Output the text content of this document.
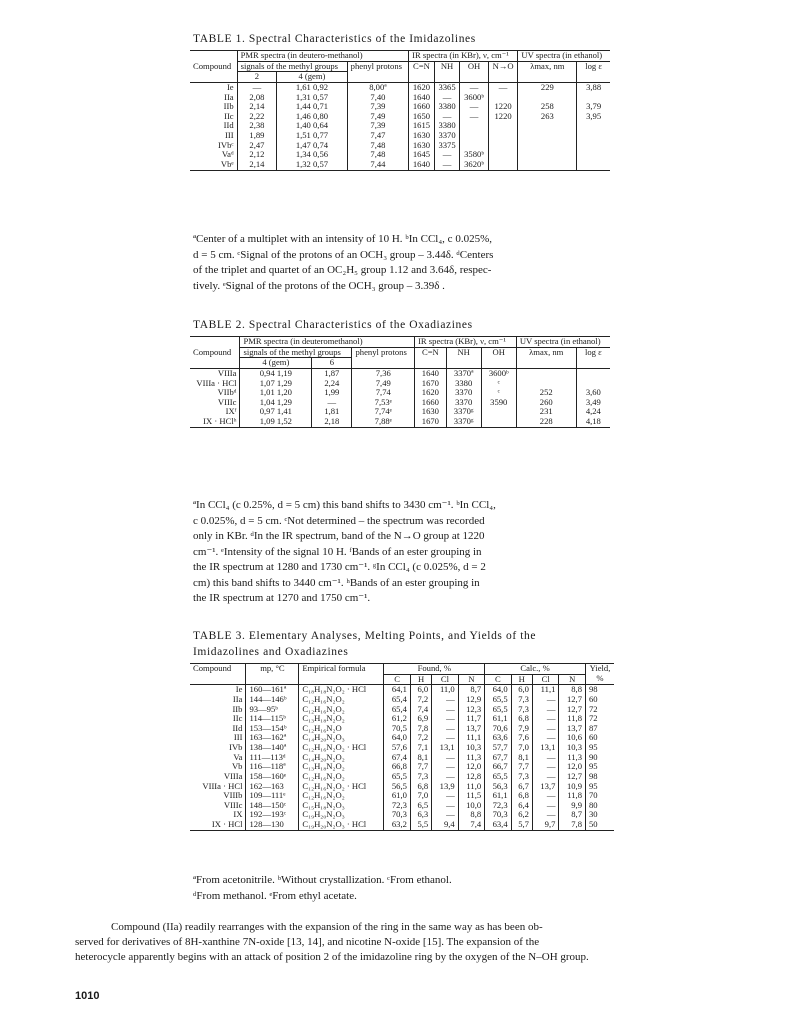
TABLE 1. Spectral Characteristics of the Imidazolines
Compound	PMR spectra (in deutero-methanol)			IR spectra (in KBr), ν, cm⁻¹				UV spectra (in ethanol)	
	signals of the methyl groups		phenyl protons	C=N	NH	OH	N→O	λmax, nm	log ε
	2	4 (gem)							
Ie	—	1,61 0,92	8,00ª	1620	3365	—	—	229	3,88
IIa	2,08	1,31 0,57	7,40	1640	—	3600ᵇ			
IIb	2,14	1,44 0,71	7,39	1660	3380	—	1220	258	3,79
IIc	2,22	1,46 0,80	7,49	1650	—	—	1220	263	3,95
IId	2,38	1,40 0,64	7,39	1615	3380				
III	1,89	1,51 0,77	7,47	1630	3370				
IVbᶜ	2,47	1,47 0,74	7,48	1630	3375				
Vaᵈ	2,12	1,34 0,56	7,48	1645	—	3580ᵇ			
Vbᵉ	2,14	1,32 0,57	7,44	1640	—	3620ᵇ			
ªCenter of a multiplet with an intensity of 10 H. ᵇIn CCl₄, c 0.025%,
d = 5 cm. ᶜSignal of the protons of an OCH₃ group – 3.44δ. ᵈCenters
of the triplet and quartet of an OC₂H₅ group 1.12 and 3.64δ, respec-
tively. ᵉSignal of the protons of the OCH₃ group – 3.39δ .
TABLE 2. Spectral Characteristics of the Oxadiazines
Compound	PMR spectra (in deuteromethanol)			IR spectra (KBr), ν, cm⁻¹			UV spectra (in ethanol)	
	signals of the methyl groups		phenyl protons	C=N	NH	OH	λmax, nm	log ε
	4 (gem)	6						
VIIIa	0,94 1,19	1,87	7,36	1640	3370ª	3600ᵇ		
VIIIa · HCl	1,07 1,29	2,24	7,49	1670	3380	ᶜ		
VIIbᵈ	1,01 1,20	1,99	7,74	1620	3370	ᶜ	252	3,60
VIIIc	1,04 1,29	—	7,53ᵉ	1660	3370	3590	260	3,49
IXᶠ	0,97 1,41	1,81	7,74ᵉ	1630	3370ᵍ		231	4,24
IX · HClʰ	1,09 1,52	2,18	7,88ᵉ	1670	3370ᵍ		228	4,18
ªIn CCl₄ (c 0.25%, d = 5 cm) this band shifts to 3430 cm⁻¹. ᵇIn CCl₄,
c 0.025%, d = 5 cm. ᶜNot determined – the spectrum was recorded
only in KBr. ᵈIn the IR spectrum, band of the N→O group at 1220
cm⁻¹. ᵉIntensity of the signal 10 H. ᶠBands of an ester grouping in
the IR spectrum at 1280 and 1730 cm⁻¹. ᵍIn CCl₄ (c 0.025%, d = 2
cm) this band shifts to 3440 cm⁻¹. ʰBands of an ester grouping in
the IR spectrum at 1270 and 1750 cm⁻¹.
TABLE 3. Elementary Analyses, Melting Points, and Yields of the
Imidazolines and Oxadiazines
Compound	mp, °C	Empirical formula	Found, %				Calc., %				Yield, %
			C	H	Cl	N	C	H	Cl	N	
Ie	160—161ª	C₁₈H₁₈N₂O₂ · HCl	64,1	6,0	11,0	8,7	64,0	6,0	11,1	8,8	98
IIa	144—146ᵇ	C₁₂H₁₆N₂O₂	65,4	7,2	—	12,9	65,5	7,3	—	12,7	60
IIb	93—95ᵇ	C₁₂H₁₆N₂O₂	65,4	7,4	—	12,3	65,5	7,3	—	12,7	72
IIc	114—115ᵇ	C₁₃H₁₈N₂O₂	61,2	6,9	—	11,7	61,1	6,8	—	11,8	72
IId	153—154ᵇ	C₁₂H₁₆N₂O	70,5	7,8	—	13,7	70,6	7,9	—	13,7	87
III	163—162ª	C₁₄H₂₀N₂O₃	64,0	7,2	—	11,1	63,6	7,6	—	10,6	60
IVb	138—140ª	C₁₂H₁₆N₂O₂ · HCl	57,6	7,1	13,1	10,3	57,7	7,0	13,1	10,3	95
Va	111—113ᵈ	C₁₄H₂₀N₂O₂	67,4	8,1	—	11,3	67,7	8,1	—	11,3	90
Vb	116—118ª	C₁₃H₁₈N₂O₂	66,8	7,7	—	12,0	66,7	7,7	—	12,0	95
VIIIa	158—160ᵉ	C₁₂H₁₆N₂O₂	65,5	7,3	—	12,8	65,5	7,3	—	12,7	98
VIIIa · HCl	162—163	C₁₂H₁₆N₂O₂ · HCl	56,5	6,8	13,9	11,0	56,3	6,7	13,7	10,9	95
VIIIb	109—111ᵉ	C₁₂H₁₆N₂O₂	61,0	7,0	—	11,5	61,1	6,8	—	11,8	70
VIIIc	148—150ᶜ	C₁₅H₁₈N₂O₃	72,3	6,5	—	10,0	72,3	6,4	—	9,9	80
IX	192—193ᶜ	C₁₉H₂₀N₂O₃	70,3	6,3	—	8,8	70,3	6,2	—	8,7	30
IX · HCl	128—130	C₁₉H₂₀N₂O₃ · HCl	63,2	5,5	9,4	7,4	63,4	5,7	9,7	7,8	50
ªFrom acetonitrile. ᵇWithout crystallization. ᶜFrom ethanol.
ᵈFrom methanol. ᵉFrom ethyl acetate.
Compound (IIa) readily rearranges with the expansion of the ring in the same way as has been ob-
served for derivatives of 8H-xanthine 7N-oxide [13, 14], and nicotine N-oxide [15]. The expansion of the
heterocycle apparently begins with an attack of position 2 of the imidazoline ring by the oxygen of the N–OH group.
1010
